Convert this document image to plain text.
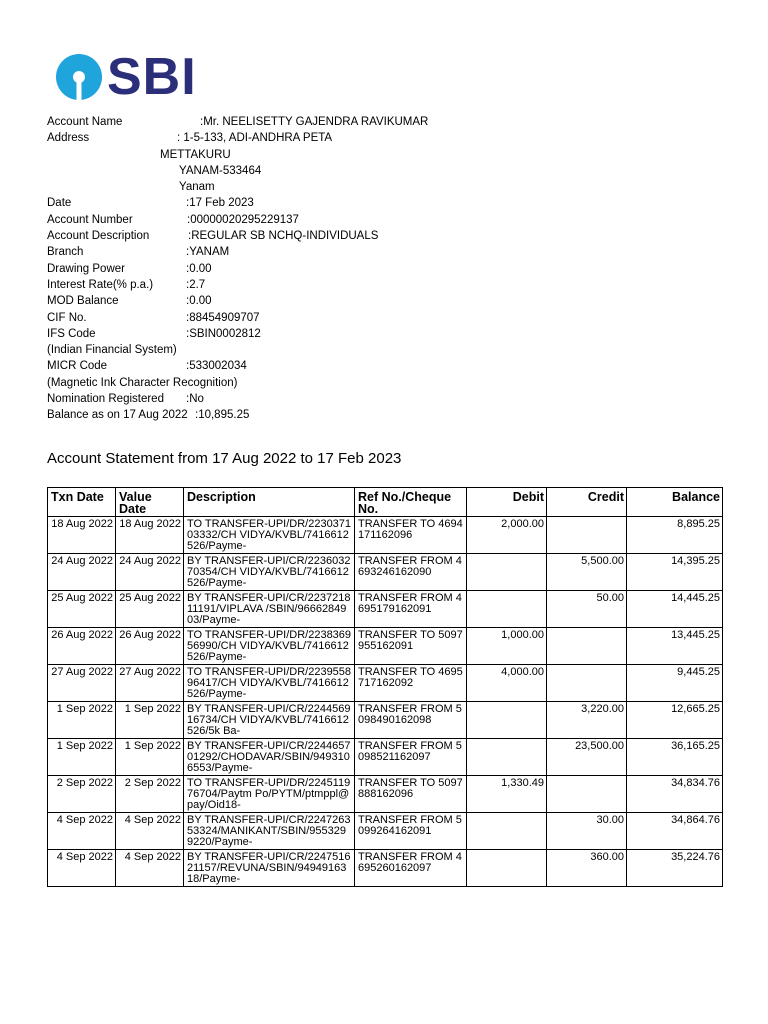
SBI
Account Name	:Mr. NEELISETTY GAJENDRA RAVIKUMAR
Address	: 1-5-133, ADI-ANDHRA PETA
METTAKURU
YANAM-533464
Yanam
Date	:17 Feb 2023
Account Number	:00000020295229137
Account Description	:REGULAR SB NCHQ-INDIVIDUALS
Branch	:YANAM
Drawing Power	:0.00
Interest Rate(% p.a.)	:2.7
MOD Balance	:0.00
CIF No.	:88454909707
IFS Code	:SBIN0002812
(Indian Financial System)
MICR Code	:533002034
(Magnetic Ink Character Recognition)
Nomination Registered :No
Balance as on 17 Aug 2022 :10,895.25
Account Statement from 17 Aug 2022 to 17 Feb 2023
Txn Date	Value Date	Description	Ref No./Cheque No.	Debit	Credit	Balance
18 Aug 2022	18 Aug 2022	TO TRANSFER-UPI/DR/223037103332/CH VIDYA/KVBL/7416612526/Payme-	TRANSFER TO 4694171162096	2,000.00		8,895.25
24 Aug 2022	24 Aug 2022	BY TRANSFER-UPI/CR/223603270354/CH VIDYA/KVBL/7416612526/Payme-	TRANSFER FROM 4693246162090		5,500.00	14,395.25
25 Aug 2022	25 Aug 2022	BY TRANSFER-UPI/CR/223721811191/VIPLAVA /SBIN/9666284903/Payme-	TRANSFER FROM 4695179162091		50.00	14,445.25
26 Aug 2022	26 Aug 2022	TO TRANSFER-UPI/DR/223836956990/CH VIDYA/KVBL/7416612526/Payme-	TRANSFER TO 5097955162091	1,000.00		13,445.25
27 Aug 2022	27 Aug 2022	TO TRANSFER-UPI/DR/223955896417/CH VIDYA/KVBL/7416612526/Payme-	TRANSFER TO 4695717162092	4,000.00		9,445.25
1 Sep 2022	1 Sep 2022	BY TRANSFER-UPI/CR/224456916734/CH VIDYA/KVBL/7416612526/5k Ba-	TRANSFER FROM 5098490162098		3,220.00	12,665.25
1 Sep 2022	1 Sep 2022	BY TRANSFER-UPI/CR/224465701292/CHODAVAR/SBIN/9493106553/Payme-	TRANSFER FROM 5098521162097		23,500.00	36,165.25
2 Sep 2022	2 Sep 2022	TO TRANSFER-UPI/DR/224511976704/Paytm Po/PYTM/ptmppl@pay/Oid18-	TRANSFER TO 5097888162096	1,330.49		34,834.76
4 Sep 2022	4 Sep 2022	BY TRANSFER-UPI/CR/224726353324/MANIKANT/SBIN/9553299220/Payme-	TRANSFER FROM 5099264162091		30.00	34,864.76
4 Sep 2022	4 Sep 2022	BY TRANSFER-UPI/CR/224751621157/REVUNA/SBIN/9494916318/Payme-	TRANSFER FROM 4695260162097		360.00	35,224.76
